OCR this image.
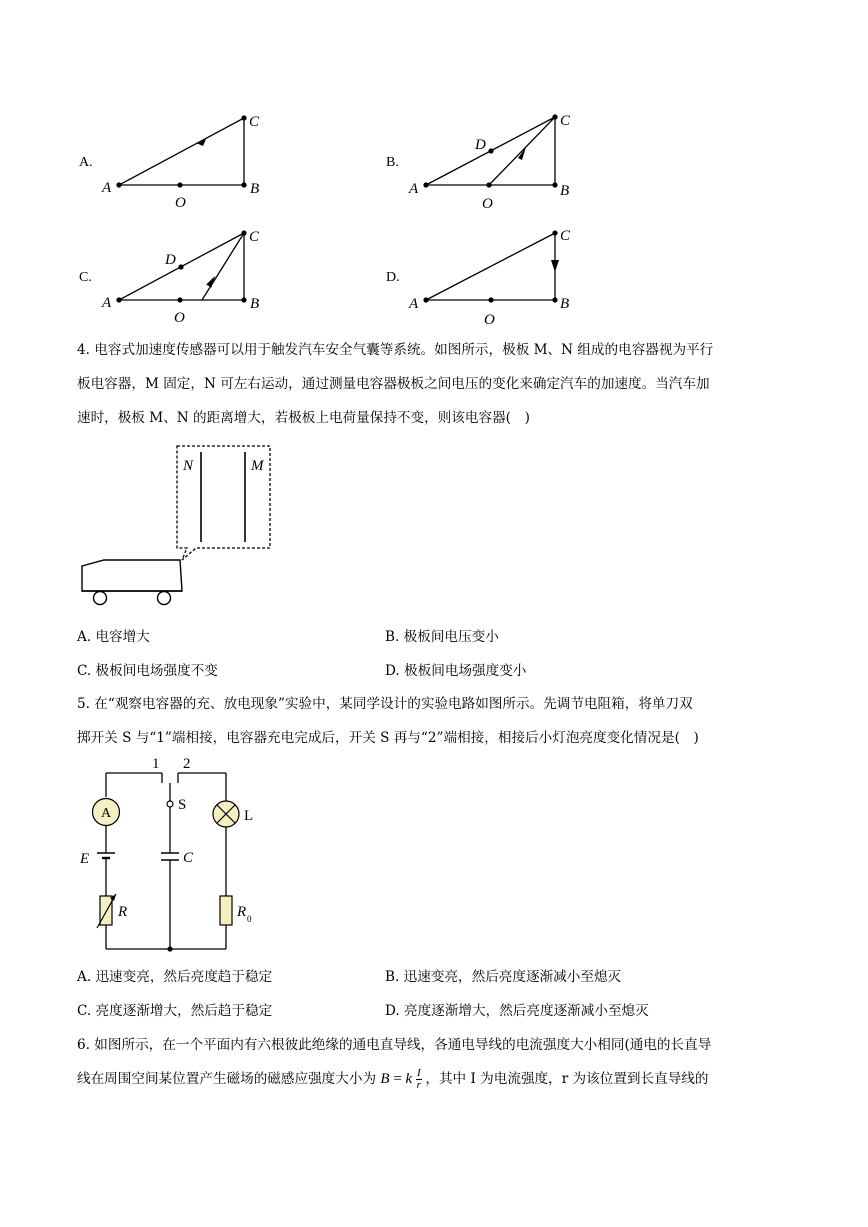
A.
A
O
B
C
B.
A
O
B
C
D
C.
A
O
B
C
D
D.
A
O
B
C
4. 电容式加速度传感器可以用于触发汽车安全气囊等系统。如图所示，极板 M、N 组成的电容器视为平行
板电容器，M 固定，N 可左右运动，通过测量电容器极板之间电压的变化来确定汽车的加速度。当汽车加
速时，极板 M、N 的距离增大，若极板上电荷量保持不变，则该电容器(　)
N	M
A. 电容增大	B. 极板间电压变小
C. 极板间电场强度不变	D. 极板间电场强度变小
5. 在“观察电容器的充、放电现象”实验中，某同学设计的实验电路如图所示。先调节电阻箱，将单刀双
掷开关 S 与“1”端相接，电容器充电完成后，开关 S 再与“2”端相接，相接后小灯泡亮度变化情况是(　)
1 2
S
C
A
E
R
L
R 0
A. 迅速变亮，然后亮度趋于稳定	B. 迅速变亮，然后亮度逐渐减小至熄灭
C. 亮度逐渐增大，然后趋于稳定	D. 亮度逐渐增大，然后亮度逐渐减小至熄灭
6. 如图所示，在一个平面内有六根彼此绝缘的通电直导线，各通电导线的电流强度大小相同(通电的长直导
线在周围空间某位置产生磁场的磁感应强度大小为 B = k $\frac{I}{r}$ ，其中 I 为电流强度，r 为该位置到长直导线的
